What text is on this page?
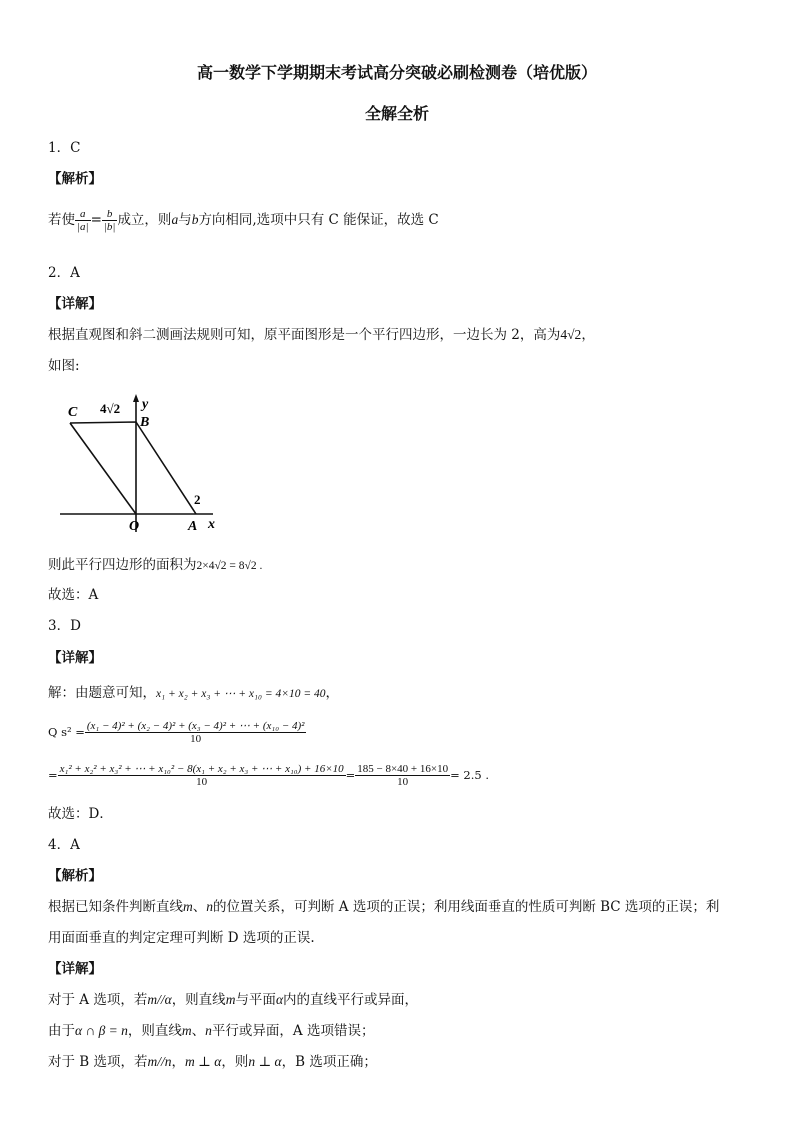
高一数学下学期期末考试高分突破必刷检测卷（培优版）
全解全析
1．C
【解析】
若使 $\frac{a}{|a|} = \frac{b}{|b|}$ 成立，则a与b方向相同,选项中只有 C 能保证，故选 C
2．A
【详解】
根据直观图和斜二测画法规则可知，原平面图形是一个平行四边形，一边长为 2，高为4√2，
如图:
C 4√2 y
B
2
O	A x
则此平行四边形的面积为2×4√2 = 8√2 .
故选：A
3．D
【详解】
解：由题意可知，x₁ + x₂ + x₃ + ⋯ + x₁₀ = 4×10 = 40，
Q $s^2 = \frac{\text{(x₁ − 4)² + (x₂ − 4)² + (x₃ − 4)² + ⋯ + (x₁₀ − 4)²}}{10}$
= x₁² + x₂² + x₃² + ⋯ + x₁₀² − 8(x₁ + x₂ + x₃ + ⋯ + x₁₀) + 16×10
10	= $\frac{185 - 8\times 40 + 16\times 10}{10} = 2.5$ .
故选：D．
4．A
【解析】
根据已知条件判断直线m、n的位置关系，可判断 A 选项的正误；利用线面垂直的性质可判断 BC 选项的正误；利
用面面垂直的判定定理可判断 D 选项的正误.
【详解】
对于 A 选项，若m//α，则直线m与平面α内的直线平行或异面，
由于α ∩ β = n，则直线m、n平行或异面，A 选项错误；
对于 B 选项，若m//n，m ⊥ α，则n ⊥ α，B 选项正确；
